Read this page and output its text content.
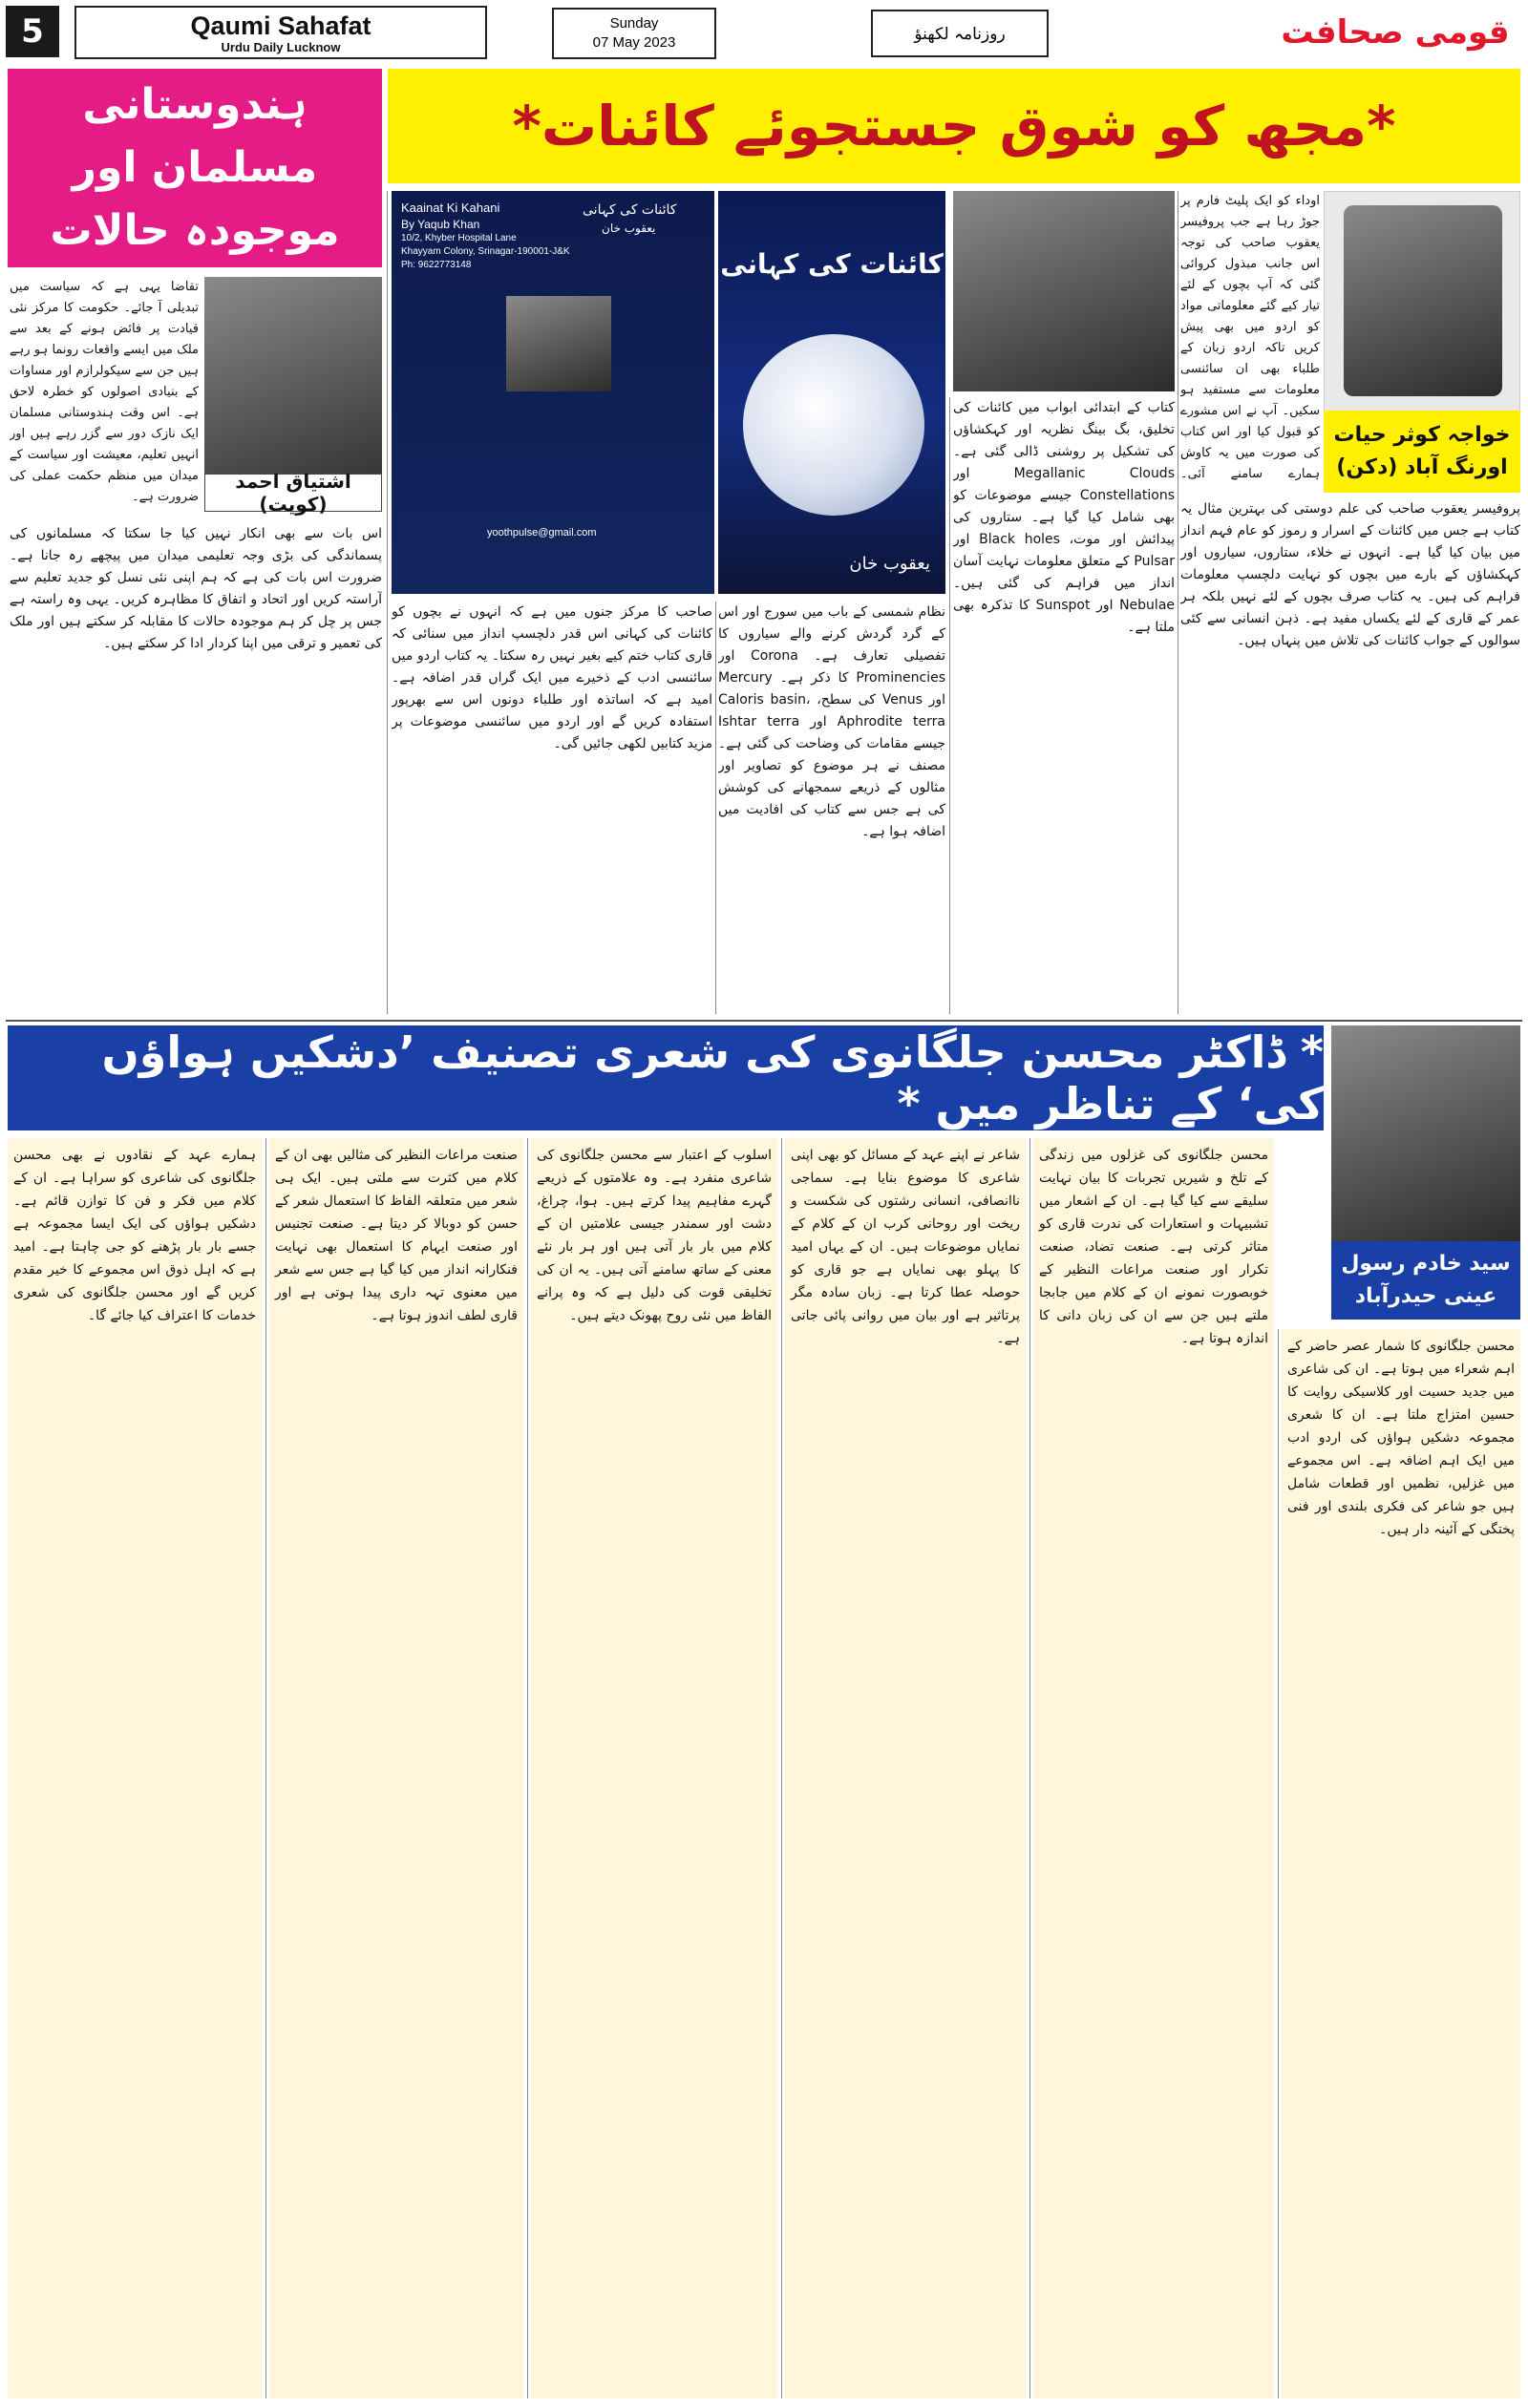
5	Qaumi Sahafat
Urdu Daily Lucknow
Sunday
07 May 2023	روزنامہ لکھنؤ	قومی صحافت
ہندوستانی مسلمان اور موجودہ حالات
*مجھ کو شوق جستجوئے کائنات*
اشتیاق احمد (کویت)
تقاضا یہی ہے کہ سیاست میں تبدیلی آ جائے۔ حکومت کا مرکز نئی قیادت پر فائض ہونے کے بعد سے ملک میں ایسے واقعات رونما ہو رہے ہیں جن سے سیکولرازم اور مساوات کے بنیادی اصولوں کو خطرہ لاحق ہے۔ اس وقت ہندوستانی مسلمان ایک نازک دور سے گزر رہے ہیں اور انہیں تعلیم، معیشت اور سیاست کے میدان میں منظم حکمت عملی کی ضرورت ہے۔
اس بات سے بھی انکار نہیں کیا جا سکتا کہ مسلمانوں کی پسماندگی کی بڑی وجہ تعلیمی میدان میں پیچھے رہ جانا ہے۔ ضرورت اس بات کی ہے کہ ہم اپنی نئی نسل کو جدید تعلیم سے آراستہ کریں اور اتحاد و اتفاق کا مظاہرہ کریں۔ یہی وہ راستہ ہے جس پر چل کر ہم موجودہ حالات کا مقابلہ کر سکتے ہیں اور ملک کی تعمیر و ترقی میں اپنا کردار ادا کر سکتے ہیں۔
Kaainat Ki Kahani
By Yaqub Khan
10/2, Khyber Hospital Lane
Khayyam Colony, Srinagar-190001-J&K
Ph: 9622773148
کائنات کی کہانی
یعقوب خان
yoothpulse@gmail.com
کائنات کی کہانی
یعقوب خان
خواجہ کوثر حیات اورنگ آباد (دکن)
اوداء کو ایک پلیٹ فارم پر جوڑ رہا ہے جب پروفیسر یعقوب صاحب کی توجہ اس جانب مبذول کروائی گئی کہ آپ بچوں کے لئے تیار کیے گئے معلوماتی مواد کو اردو میں بھی پیش کریں تاکہ اردو زبان کے طلباء بھی ان سائنسی معلومات سے مستفید ہو سکیں۔ آپ نے اس مشورے کو قبول کیا اور اس کتاب کی صورت میں یہ کاوش ہمارے سامنے آئی۔
پروفیسر یعقوب صاحب کی علم دوستی کی بہترین مثال یہ کتاب ہے جس میں کائنات کے اسرار و رموز کو عام فہم انداز میں بیان کیا گیا ہے۔ انہوں نے خلاء، ستاروں، سیاروں اور کہکشاؤں کے بارے میں بچوں کو نہایت دلچسپ معلومات فراہم کی ہیں۔ یہ کتاب صرف بچوں کے لئے نہیں بلکہ ہر عمر کے قاری کے لئے یکساں مفید ہے۔ ذہن انسانی سے کئی سوالوں کے جواب کائنات کی تلاش میں پنہاں ہیں۔
کتاب کے ابتدائی ابواب میں کائنات کی تخلیق، بگ بینگ نظریہ اور کہکشاؤں کی تشکیل پر روشنی ڈالی گئی ہے۔ Megallanic Clouds اور Constellations جیسے موضوعات کو بھی شامل کیا گیا ہے۔ ستاروں کی پیدائش اور موت، Black holes اور Pulsar کے متعلق معلومات نہایت آسان انداز میں فراہم کی گئی ہیں۔ Nebulae اور Sunspot کا تذکرہ بھی ملتا ہے۔
نظام شمسی کے باب میں سورج اور اس کے گرد گردش کرنے والے سیاروں کا تفصیلی تعارف ہے۔ Corona اور Prominencies کا ذکر ہے۔ Mercury اور Venus کی سطح، Caloris basin، Aphrodite terra اور Ishtar terra جیسے مقامات کی وضاحت کی گئی ہے۔ مصنف نے ہر موضوع کو تصاویر اور مثالوں کے ذریعے سمجھانے کی کوشش کی ہے جس سے کتاب کی افادیت میں اضافہ ہوا ہے۔
صاحب کا مرکز جنوں میں ہے کہ انہوں نے بچوں کو کائنات کی کہانی اس قدر دلچسپ انداز میں سنائی کہ قاری کتاب ختم کیے بغیر نہیں رہ سکتا۔ یہ کتاب اردو میں سائنسی ادب کے ذخیرے میں ایک گراں قدر اضافہ ہے۔ امید ہے کہ اساتذہ اور طلباء دونوں اس سے بھرپور استفادہ کریں گے اور اردو میں سائنسی موضوعات پر مزید کتابیں لکھی جائیں گی۔
* ڈاکٹر محسن جلگانوی کی شعری تصنیف ’دشکیں ہواؤں کی‘ کے تناظر میں *
سید خادم رسول عینی حیدرآباد
محسن جلگانوی کا شمار عصر حاضر کے اہم شعراء میں ہوتا ہے۔ ان کی شاعری میں جدید حسیت اور کلاسیکی روایت کا حسین امتزاج ملتا ہے۔ ان کا شعری مجموعہ دشکیں ہواؤں کی اردو ادب میں ایک اہم اضافہ ہے۔ اس مجموعے میں غزلیں، نظمیں اور قطعات شامل ہیں جو شاعر کی فکری بلندی اور فنی پختگی کے آئینہ دار ہیں۔
محسن جلگانوی کی غزلوں میں زندگی کے تلخ و شیریں تجربات کا بیان نہایت سلیقے سے کیا گیا ہے۔ ان کے اشعار میں تشبیہات و استعارات کی ندرت قاری کو متاثر کرتی ہے۔ صنعت تضاد، صنعت تکرار اور صنعت مراعات النظیر کے خوبصورت نمونے ان کے کلام میں جابجا ملتے ہیں جن سے ان کی زبان دانی کا اندازہ ہوتا ہے۔
شاعر نے اپنے عہد کے مسائل کو بھی اپنی شاعری کا موضوع بنایا ہے۔ سماجی ناانصافی، انسانی رشتوں کی شکست و ریخت اور روحانی کرب ان کے کلام کے نمایاں موضوعات ہیں۔ ان کے یہاں امید کا پہلو بھی نمایاں ہے جو قاری کو حوصلہ عطا کرتا ہے۔ زبان سادہ مگر پرتاثیر ہے اور بیان میں روانی پائی جاتی ہے۔
اسلوب کے اعتبار سے محسن جلگانوی کی شاعری منفرد ہے۔ وہ علامتوں کے ذریعے گہرے مفاہیم پیدا کرتے ہیں۔ ہوا، چراغ، دشت اور سمندر جیسی علامتیں ان کے کلام میں بار بار آتی ہیں اور ہر بار نئے معنی کے ساتھ سامنے آتی ہیں۔ یہ ان کی تخلیقی قوت کی دلیل ہے کہ وہ پرانے الفاظ میں نئی روح پھونک دیتے ہیں۔
صنعت مراعات النظیر کی مثالیں بھی ان کے کلام میں کثرت سے ملتی ہیں۔ ایک ہی شعر میں متعلقہ الفاظ کا استعمال شعر کے حسن کو دوبالا کر دیتا ہے۔ صنعت تجنیس اور صنعت ایہام کا استعمال بھی نہایت فنکارانہ انداز میں کیا گیا ہے جس سے شعر میں معنوی تہہ داری پیدا ہوتی ہے اور قاری لطف اندوز ہوتا ہے۔
ہمارے عہد کے نقادوں نے بھی محسن جلگانوی کی شاعری کو سراہا ہے۔ ان کے کلام میں فکر و فن کا توازن قائم ہے۔ دشکیں ہواؤں کی ایک ایسا مجموعہ ہے جسے بار بار پڑھنے کو جی چاہتا ہے۔ امید ہے کہ اہل ذوق اس مجموعے کا خیر مقدم کریں گے اور محسن جلگانوی کی شعری خدمات کا اعتراف کیا جائے گا۔
